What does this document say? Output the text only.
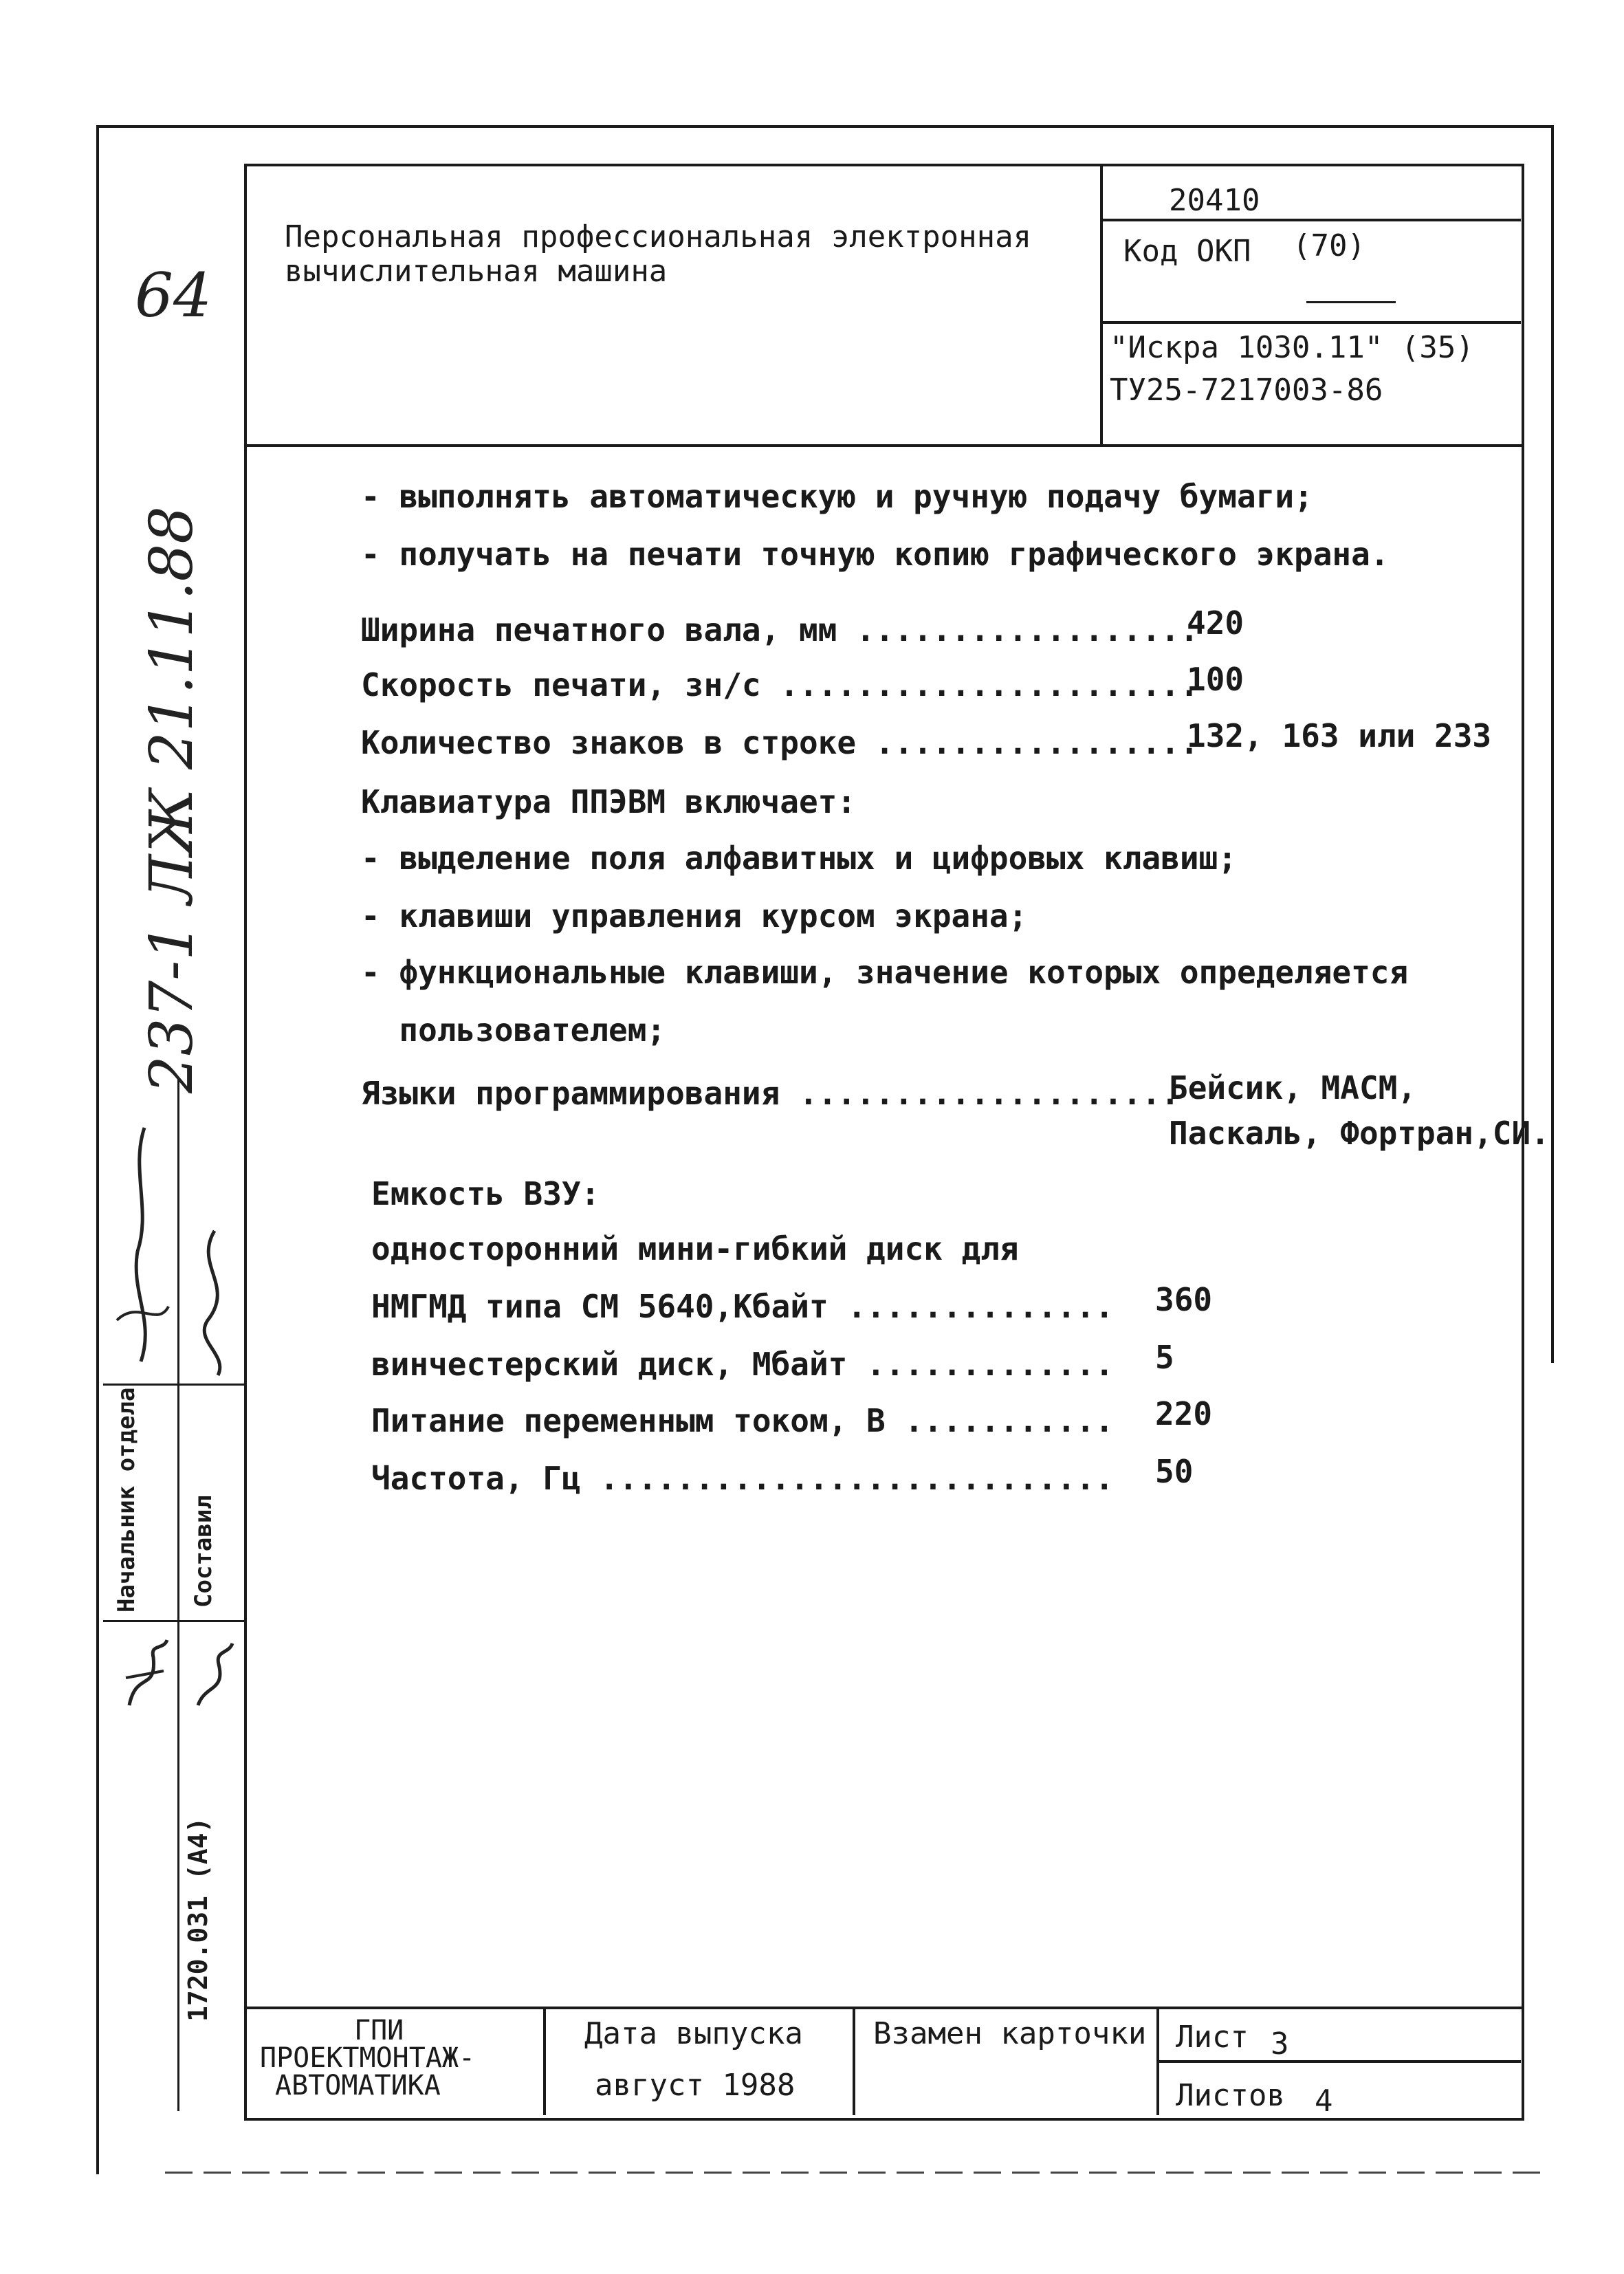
Персональная профессиональная электронная вычислительная машина
20410
Код ОКП (70)
"Искра 1030.11" (35)
ТУ25-7217003-86
- выполнять автоматическую и ручную подачу бумаги;
- получать на печати точную копию графического экрана.
Ширина печатного вала, мм ..................
420
Скорость печати, зн/с ......................
100
Количество знаков в строке .................
132, 163 или 233
Клавиатура ППЭВМ включает:
- выделение поля алфавитных и цифровых клавиш;
- клавиши управления курсом экрана;
- функциональные клавиши, значение которых определяется
пользователем;
Языки программирования ....................
Бейсик, МАСМ,
Паскаль, Фортран,СИ.
Емкость ВЗУ:
односторонний мини-гибкий диск для
НМГМД типа СМ 5640,Кбайт .............. 360
винчестерский диск, Мбайт ............. 5
Питание переменным током, В ........... 220
Частота, Гц ........................... 50
ГПИ
ПРОЕКТМОНТАЖ-
АВТОМАТИКА
Дата выпуска
август 1988
Взамен карточки Лист 3
Листов 4
Начальник отдела Составил
1720.031 (А4)
64
237-1 ЛЖ 21.11.88
